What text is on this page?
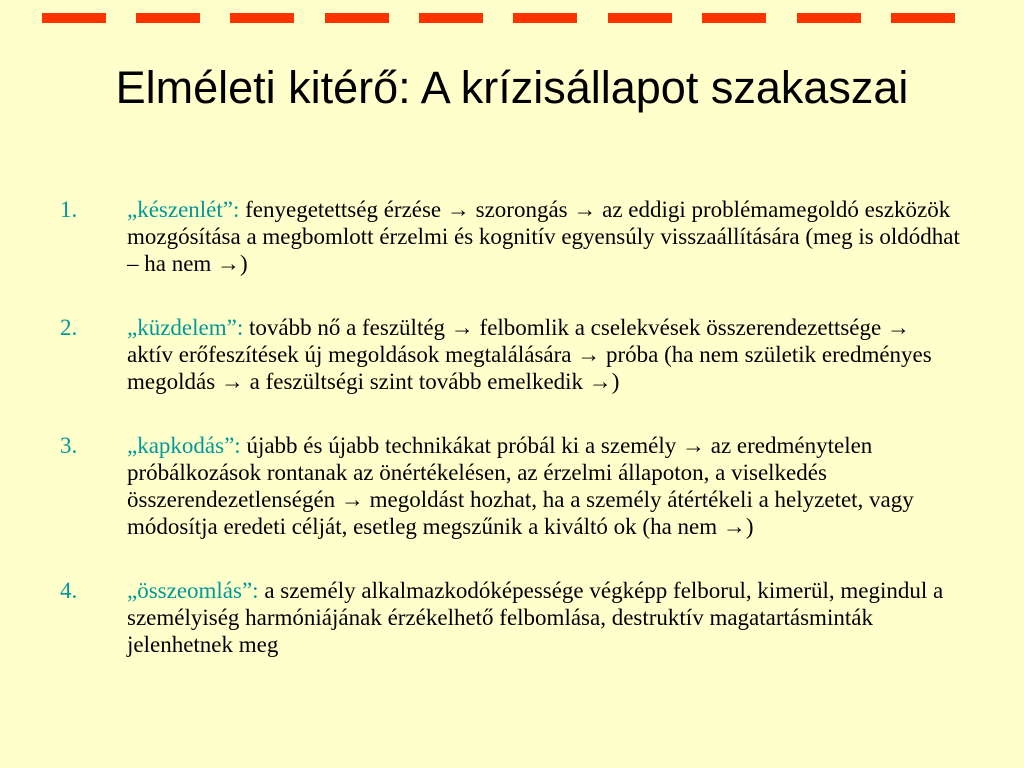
Elméleti kitérő: A krízisállapot szakaszai
1. „készenlét”: fenyegetettség érzése → szorongás → az eddigi problémamegoldó eszközök mozgósítása a megbomlott érzelmi és kognitív egyensúly visszaállítására (meg is oldódhat – ha nem →)
2. „küzdelem”: tovább nő a feszültég → felbomlik a cselekvések összerendezettsége → aktív erőfeszítések új megoldások megtalálására → próba (ha nem születik eredményes megoldás → a feszültségi szint tovább emelkedik →)
3. „kapkodás”: újabb és újabb technikákat próbál ki a személy → az eredménytelen próbálkozások rontanak az önértékelésen, az érzelmi állapoton, a viselkedés összerendezetlenségén → megoldást hozhat, ha a személy átértékeli a helyzetet, vagy módosítja eredeti célját, esetleg megszűnik a kiváltó ok (ha nem →)
4. „összeomlás”: a személy alkalmazkodóképessége végképp felborul, kimerül, megindul a személyiség harmóniájának érzékelhető felbomlása, destruktív magatartásminták jelenhetnek meg
